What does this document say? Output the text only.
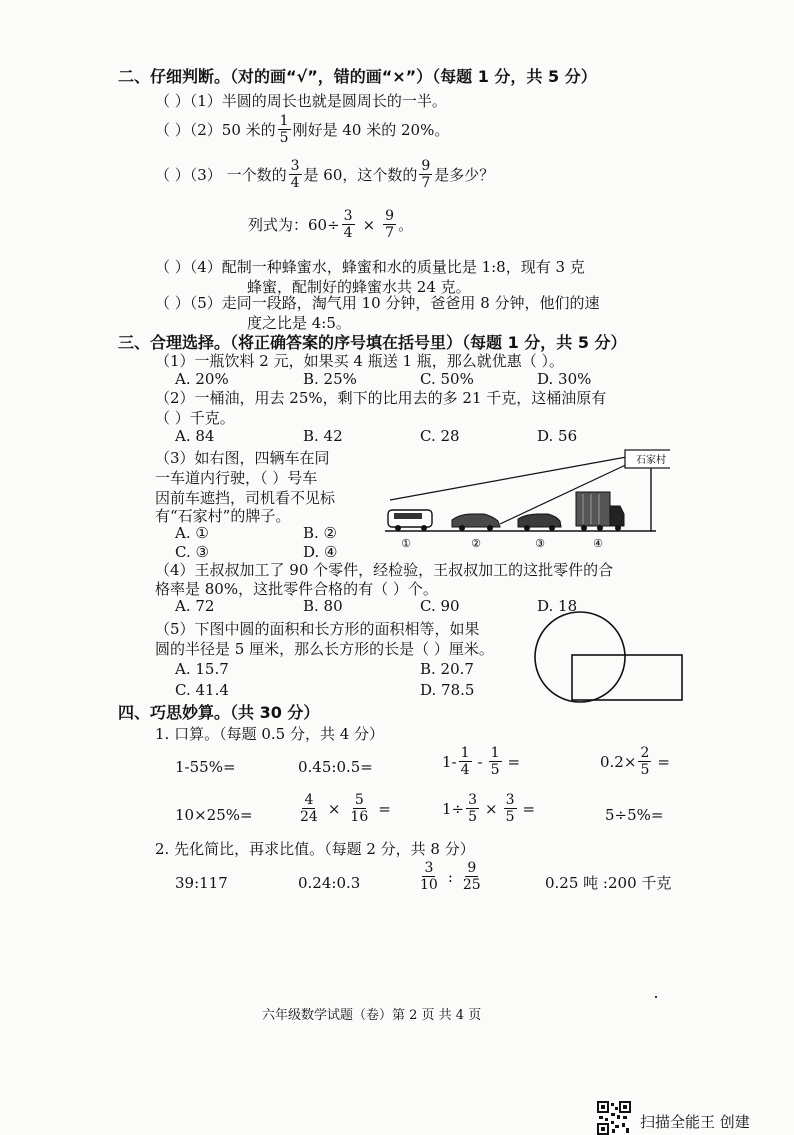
二、仔细判断。（对的画“√”，错的画“×”）（每题 1 分，共 5 分）
（ ）（1）半圆的周长也就是圆周长的一半。
（ ）（2）50 米的 $\frac{1}{5}$ 刚好是 40 米的 20%。
（ ）（3） 一个数的 $\frac{3}{4}$ 是 60，这个数的 $\frac{9}{7}$ 是多少？
列式为：$60\div \frac{3}{4} \times \frac{9}{7}$ 。
（ ）（4）配制一种蜂蜜水，蜂蜜和水的质量比是 1:8，现有 3 克
蜂蜜，配制好的蜂蜜水共 24 克。
（ ）（5）走同一段路，淘气用 10 分钟，爸爸用 8 分钟，他们的速
度之比是 4:5。
三、合理选择。（将正确答案的序号填在括号里）（每题 1 分，共 5 分）
（1）一瓶饮料 2 元，如果买 4 瓶送 1 瓶，那么就优惠（ ）。
A. 20%	B. 25%	C. 50%	D. 30%
（2）一桶油，用去 25%，剩下的比用去的多 21 千克，这桶油原有
（ ）千克。
A. 84	B. 42	C. 28	D. 56
（3）如右图，四辆车在同
一车道内行驶，（ ）号车
因前车遮挡，司机看不见标
有“石家村”的牌子。
A. ①	B. ②
C. ③	D. ④
石家村
①	②	③	④
（4）王叔叔加工了 90 个零件，经检验，王叔叔加工的这批零件的合
格率是 80%，这批零件合格的有（ ）个。
A. 72	B. 80	C. 90	D. 18
（5）下图中圆的面积和长方形的面积相等，如果
圆的半径是 5 厘米，那么长方形的长是（ ）厘米。
A. 15.7	B. 20.7
C. 41.4	D. 78.5
四、巧思妙算。（共 30 分）
1. 口算。（每题 0.5 分，共 4 分）
1-55%=	0.45:0.5=	$1- \frac{1}{4} - \frac{1}{5}$ =	$0.2\times \frac{2}{5}$ =
10×25%=	$\frac{4}{24} \times \frac{5}{16}$ =	$1\div \frac{3}{5} \times \frac{3}{5}$ =	5÷5%=
2. 先化简比，再求比值。（每题 2 分，共 8 分）
39:117	0.24:0.3	$\frac{3}{10}$ : $\frac{9}{25}$	0.25 吨 :200 千克
六年级数学试题（卷）第 2 页 共 4 页
扫描全能王 创建
